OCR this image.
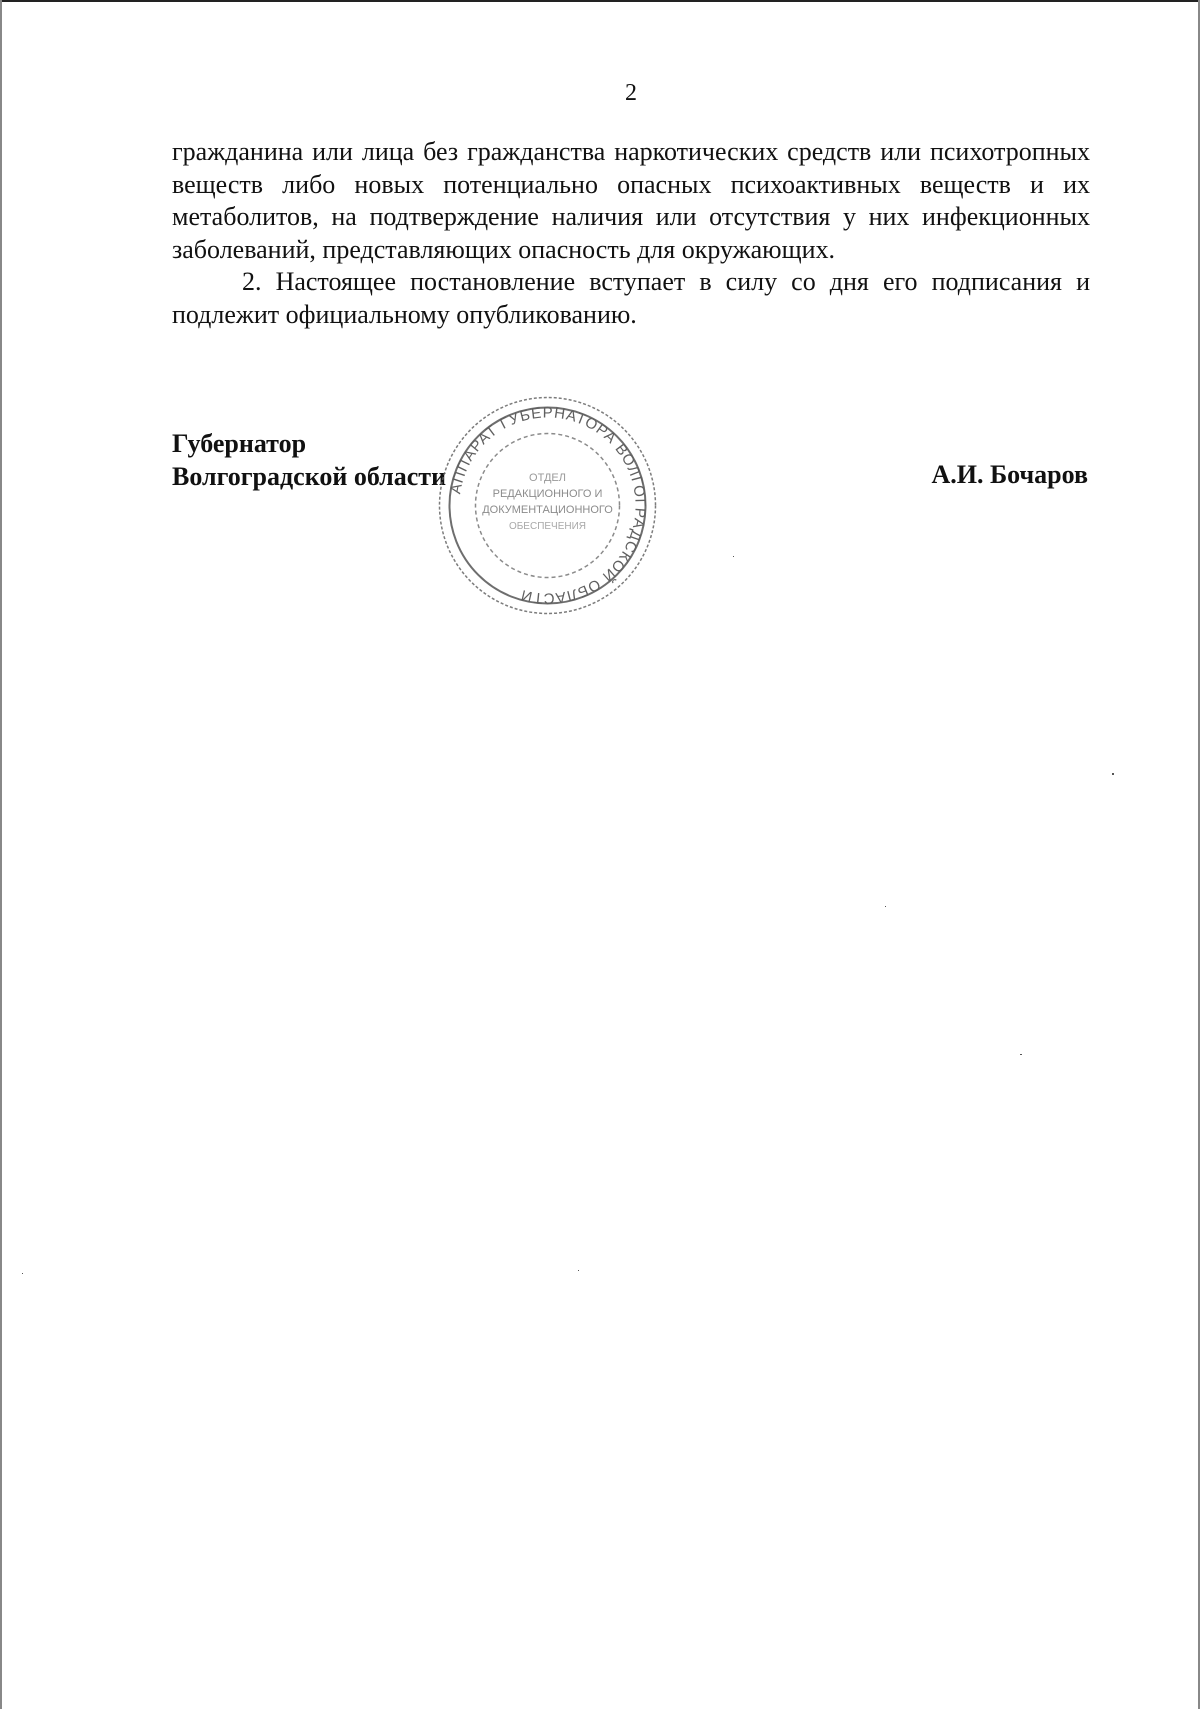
2

гражданина или лица без гражданства наркотических средств или психотропных веществ либо новых потенциально опасных психоактивных веществ и их метаболитов, на подтверждение наличия или отсутствия у них инфекционных заболеваний, представляющих опасность для окружающих.

2. Настоящее постановление вступает в силу со дня его подписания и подлежит официальному опубликованию.

Губернатор
Волгоградской области	А.И. Бочаров
АППАРАТ ГУБЕРНАТОРА ВОЛГОГРАДСКОЙ ОБЛАСТИ
ОТДЕЛ
РЕДАКЦИОННОГО И
ДОКУМЕНТАЦИОННОГО
ОБЕСПЕЧЕНИЯ
